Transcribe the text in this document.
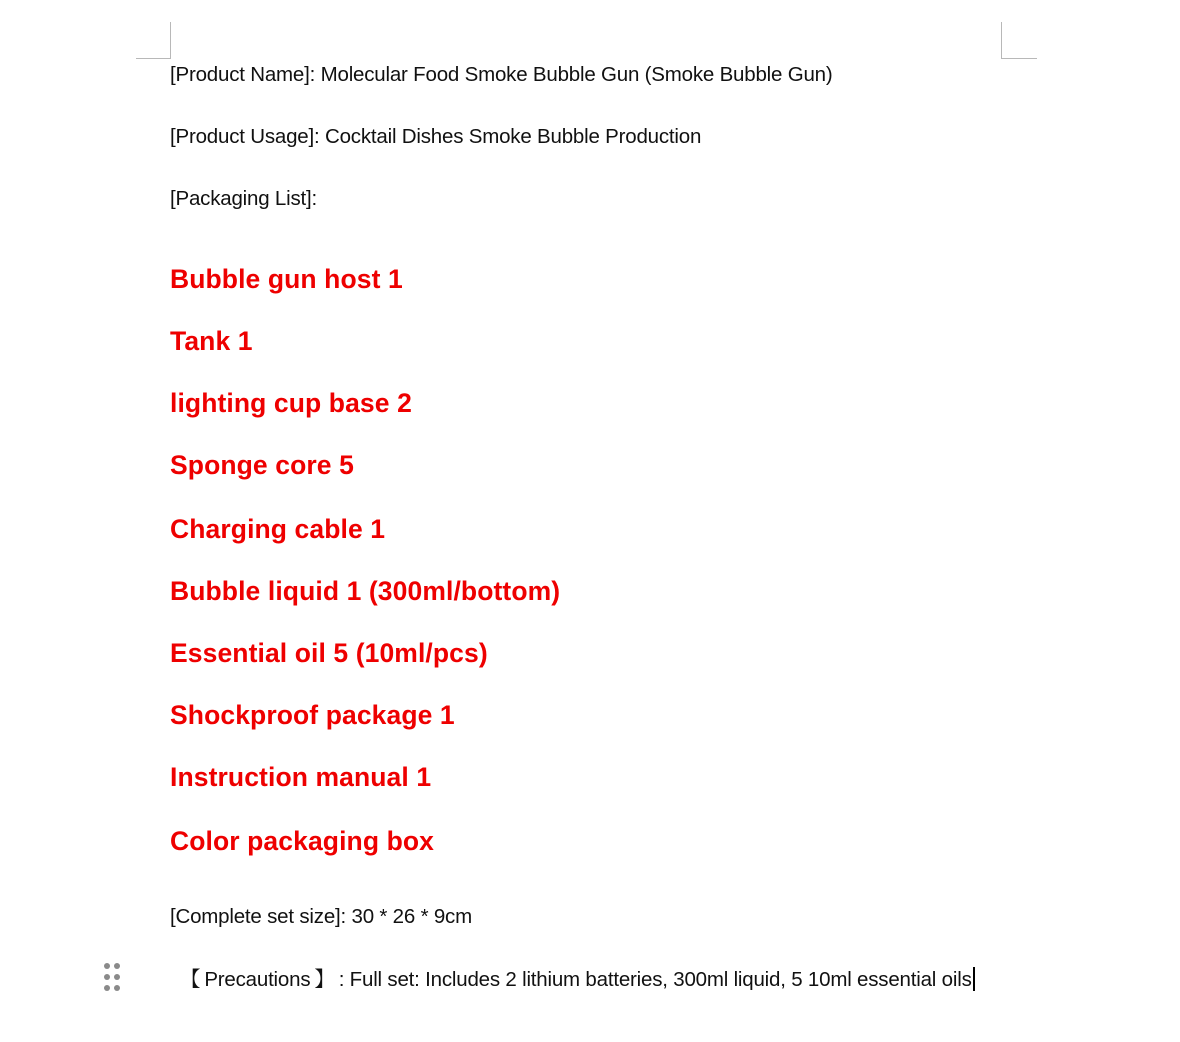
[Product Name]: Molecular Food Smoke Bubble Gun (Smoke Bubble Gun)
[Product Usage]: Cocktail Dishes Smoke Bubble Production
[Packaging List]:
Bubble gun host 1
Tank 1
lighting cup base 2
Sponge core 5
Charging cable 1
Bubble liquid 1 (300ml/bottom)
Essential oil 5 (10ml/pcs)
Shockproof package 1
Instruction manual 1
Color packaging box
[Complete set size]: 30 * 26 * 9cm
【 Precautions 】 : Full set: Includes 2 lithium batteries, 300ml liquid, 5 10ml essential oils
